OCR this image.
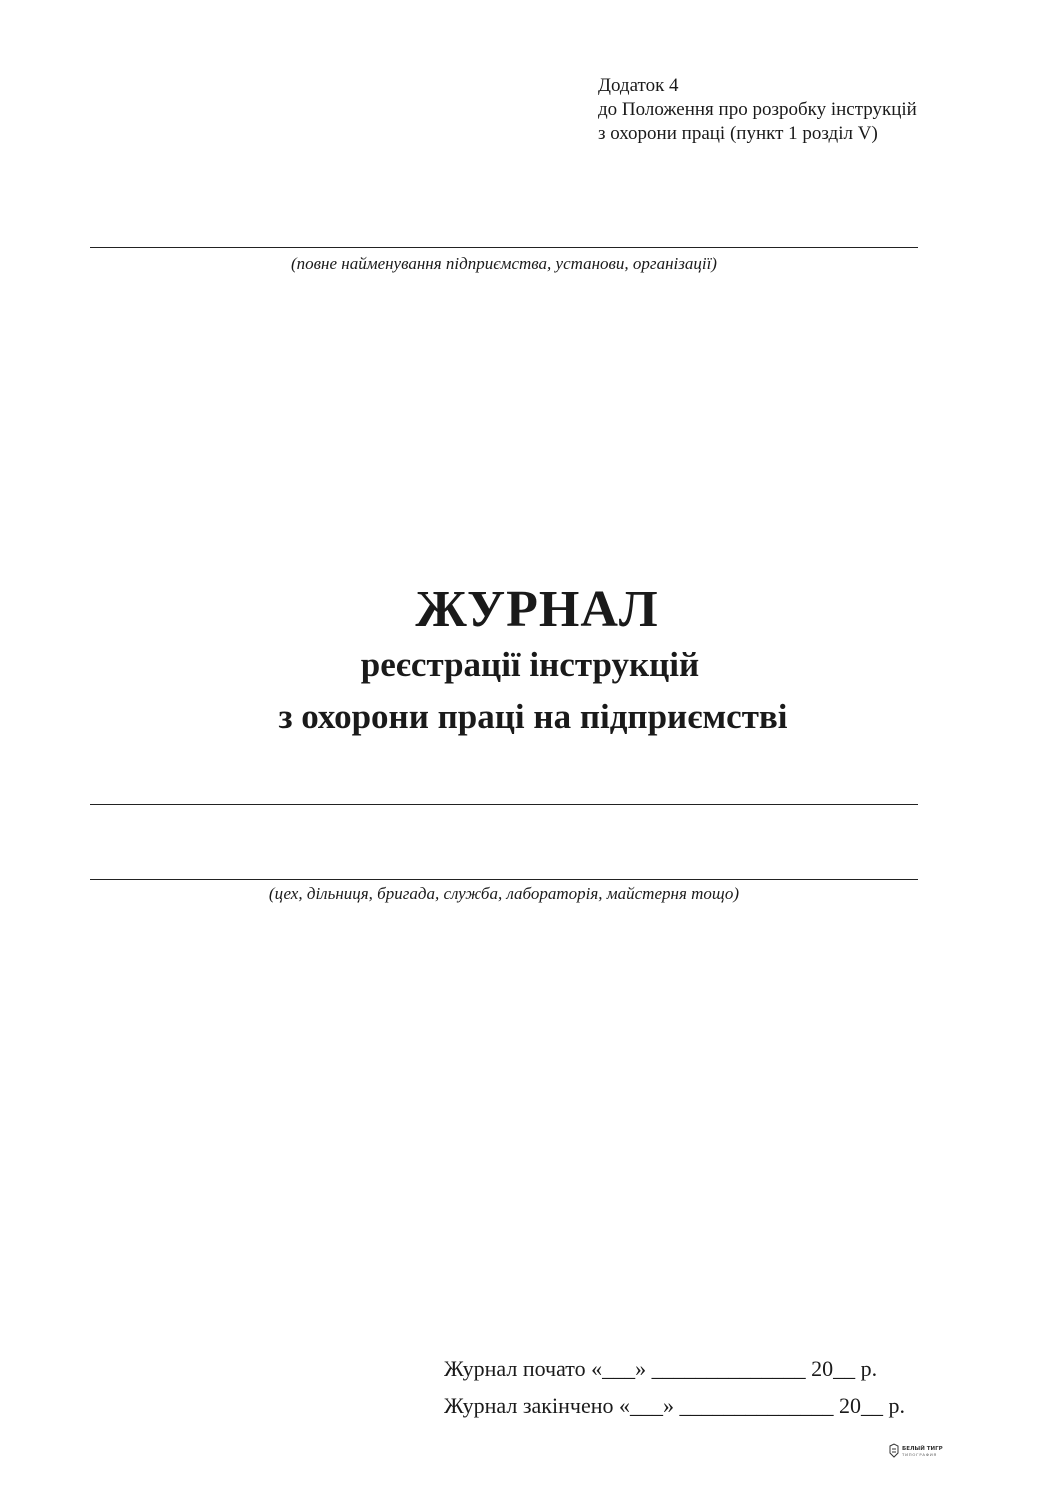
Додаток 4
до Положення про розробку інструкцій
з охорони праці (пункт 1 розділ V)
(повне найменування підприємства, установи, організації)
ЖУРНАЛ
реєстрації інструкцій
з охорони праці на підприємстві
(цех, дільниця, бригада, служба, лабораторія, майстерня тощо)
Журнал почато «___» ______________ 20__ р.
Журнал закінчено «___» ______________ 20__ р.
БЕЛЫЙ ТИГР
ТИПОГРАФИЯ
